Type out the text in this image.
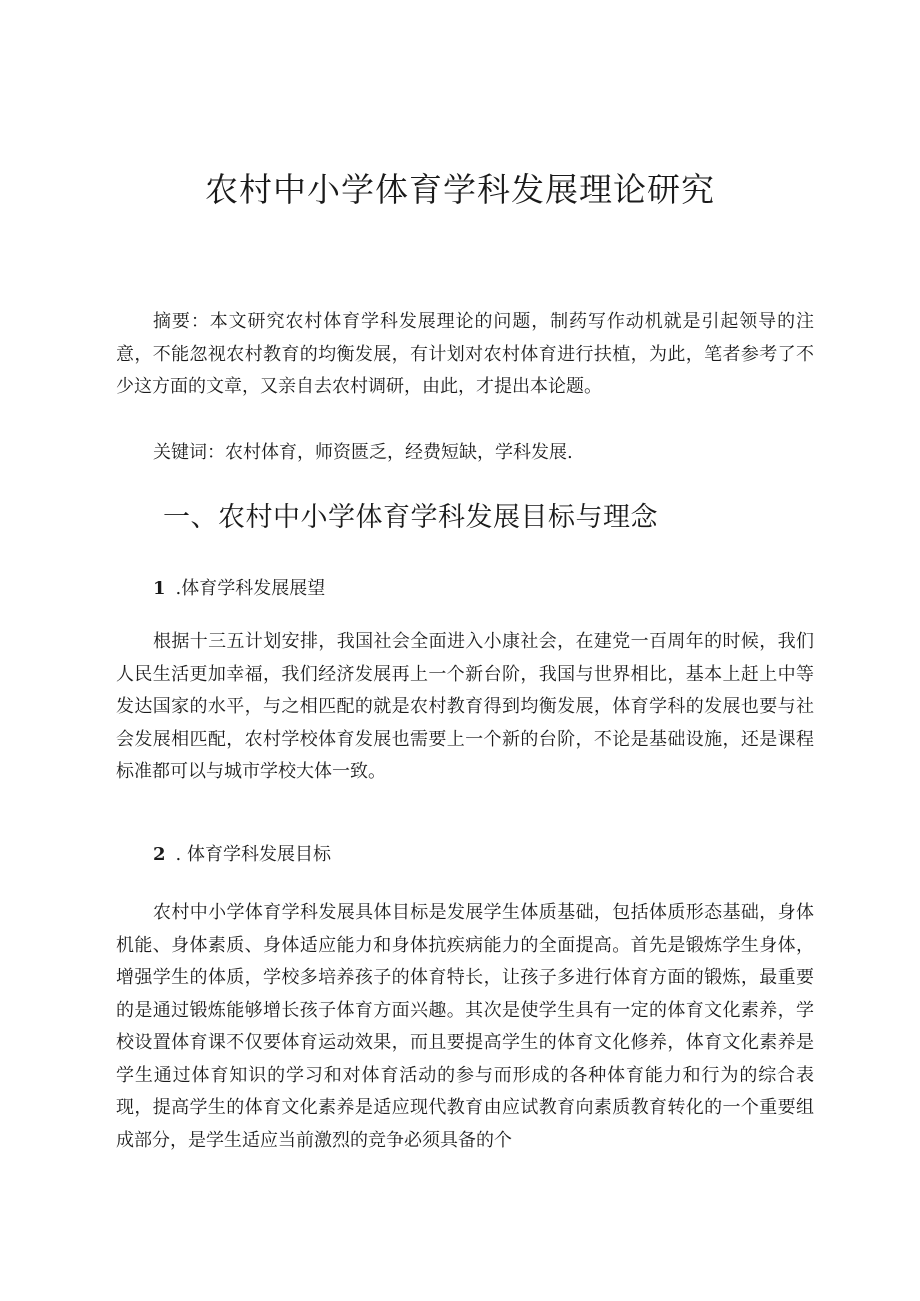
农村中小学体育学科发展理论研究

摘要：本文研究农村体育学科发展理论的问题，制药写作动机就是引起领导的注意，不能忽视农村教育的均衡发展，有计划对农村体育进行扶植，为此，笔者参考了不少这方面的文章，又亲自去农村调研，由此，才提出本论题。

关键词：农村体育，师资匮乏，经费短缺，学科发展.

一、农村中小学体育学科发展目标与理念
1 .体育学科发展展望

根据十三五计划安排，我国社会全面进入小康社会，在建党一百周年的时候，我们人民生活更加幸福，我们经济发展再上一个新台阶，我国与世界相比，基本上赶上中等发达国家的水平，与之相匹配的就是农村教育得到均衡发展，体育学科的发展也要与社会发展相匹配，农村学校体育发展也需要上一个新的台阶，不论是基础设施，还是课程标准都可以与城市学校大体一致。

2 . 体育学科发展目标

农村中小学体育学科发展具体目标是发展学生体质基础，包括体质形态基础，身体机能、身体素质、身体适应能力和身体抗疾病能力的全面提高。首先是锻炼学生身体，增强学生的体质，学校多培养孩子的体育特长，让孩子多进行体育方面的锻炼，最重要的是通过锻炼能够增长孩子体育方面兴趣。其次是使学生具有一定的体育文化素养，学校设置体育课不仅要体育运动效果，而且要提高学生的体育文化修养，体育文化素养是学生通过体育知识的学习和对体育活动的参与而形成的各种体育能力和行为的综合表现，提高学生的体育文化素养是适应现代教育由应试教育向素质教育转化的一个重要组成部分，是学生适应当前激烈的竞争必须具备的个
